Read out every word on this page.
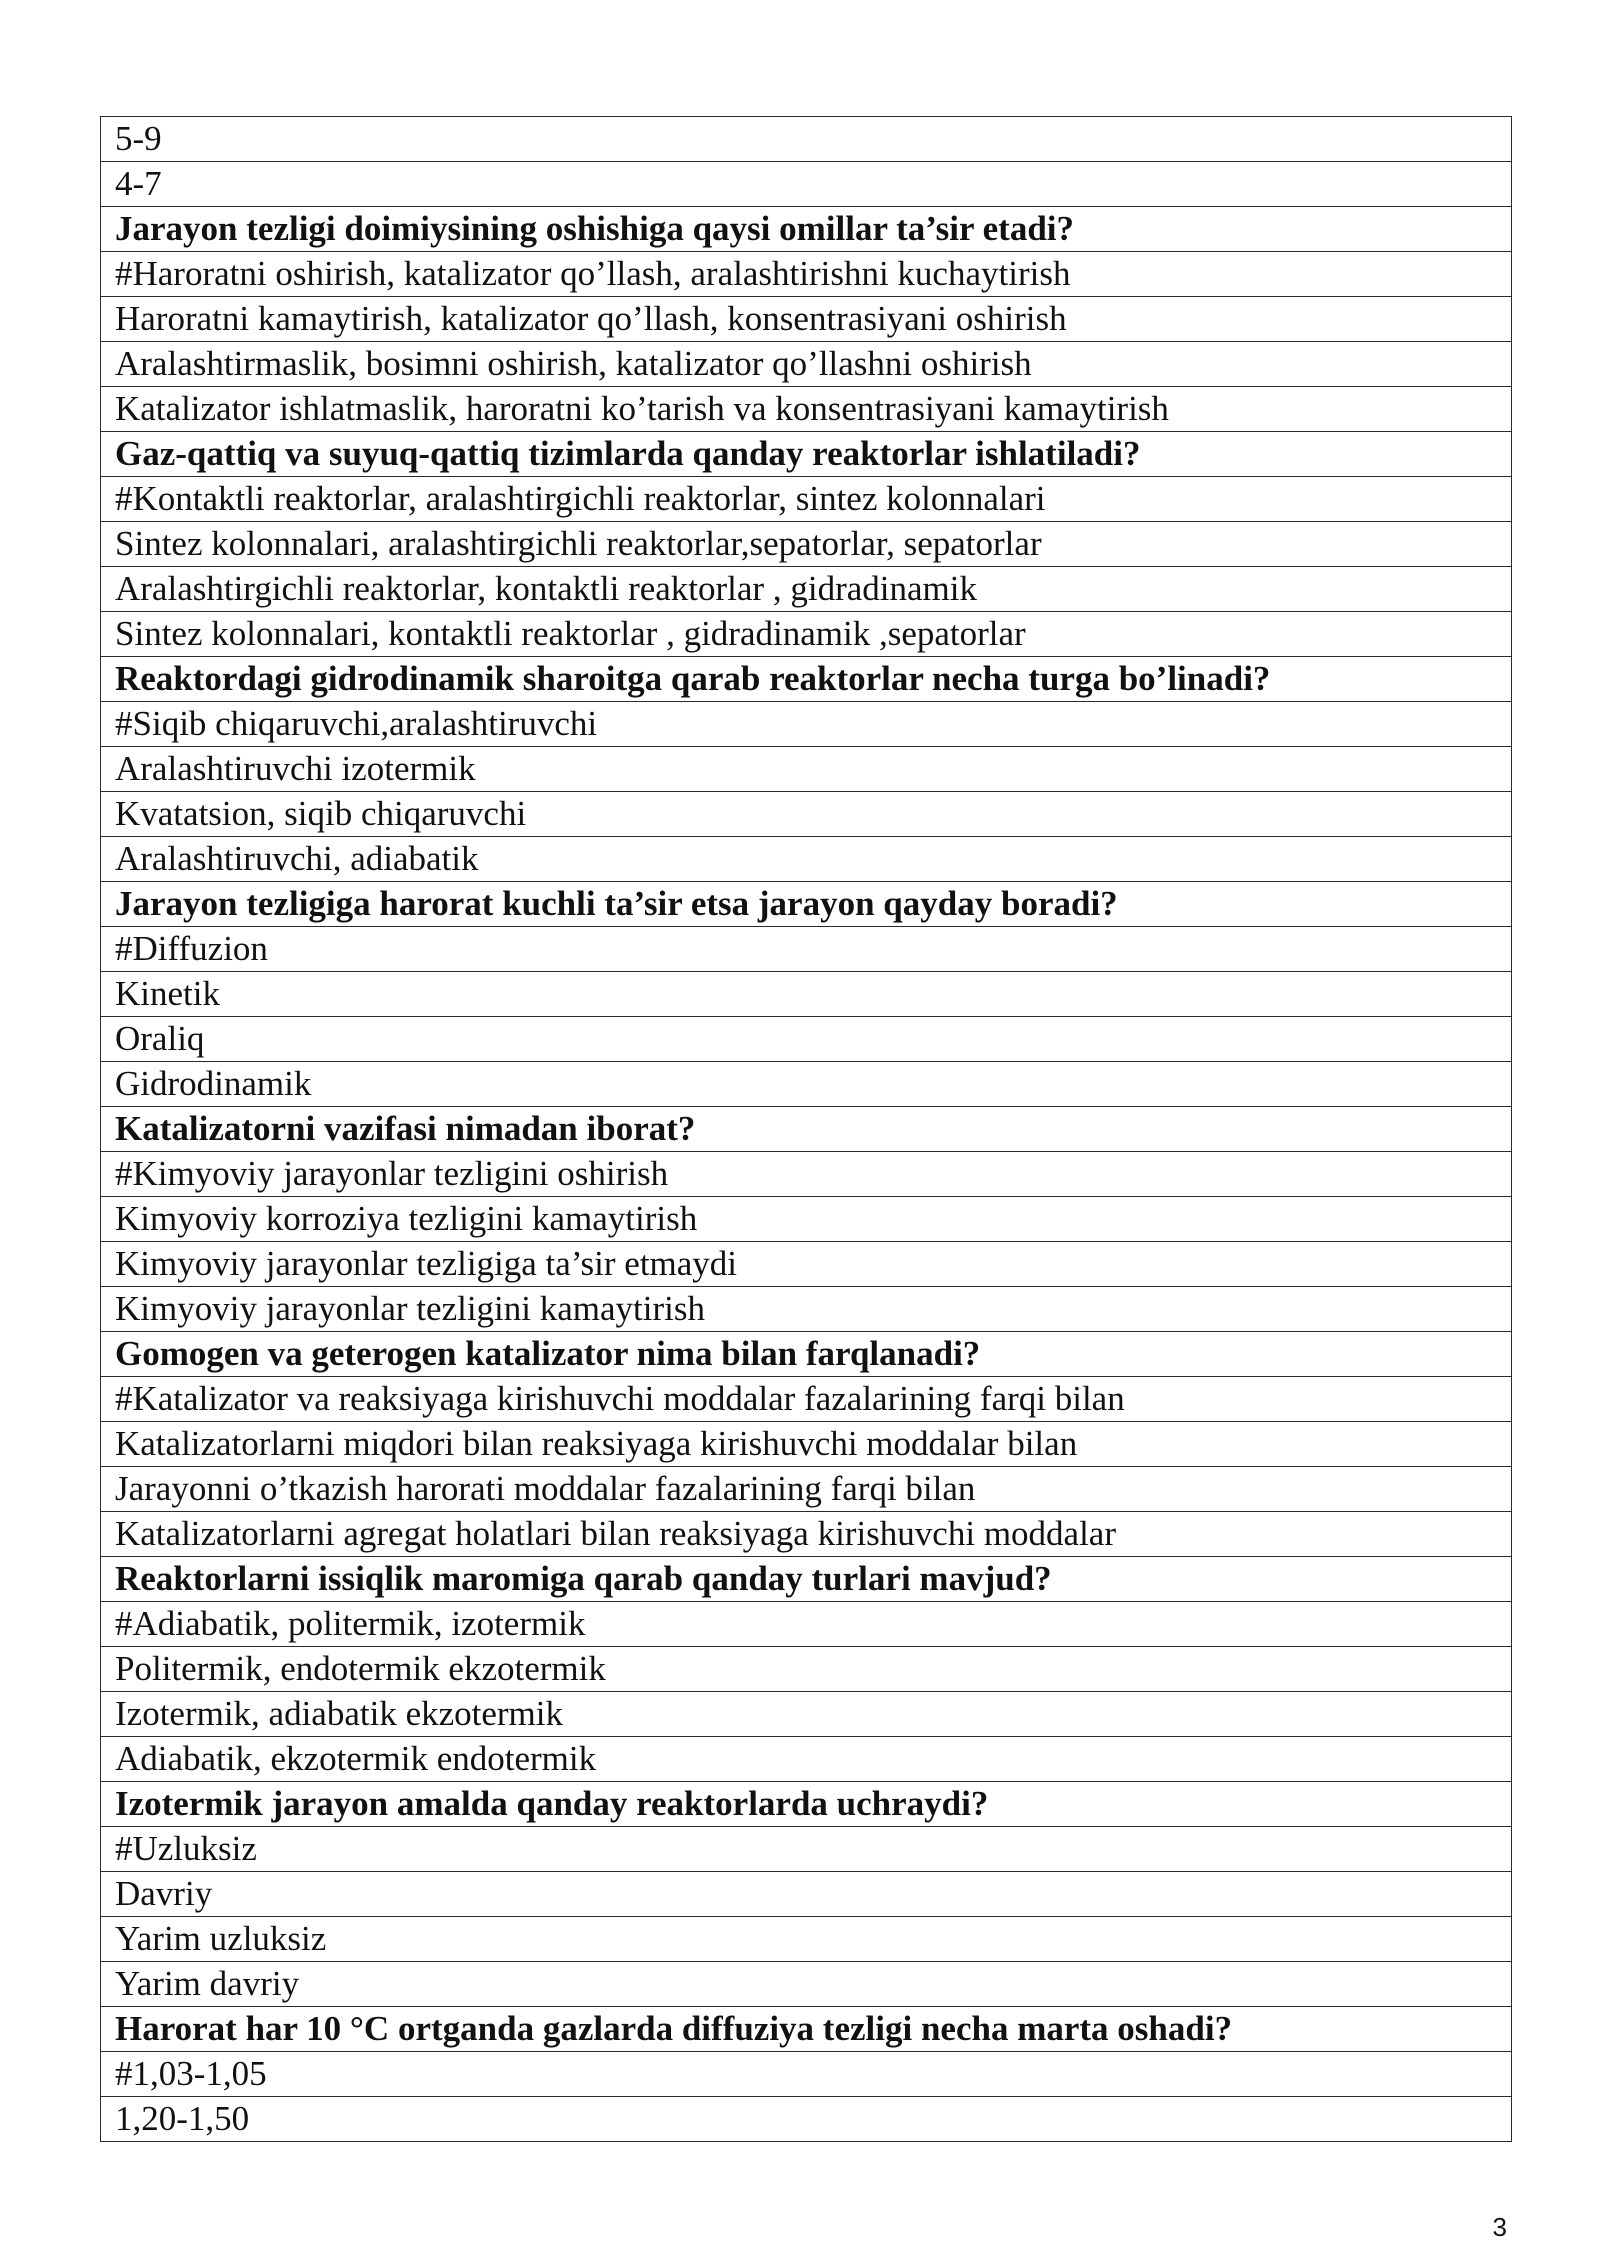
5-9
4-7
Jarayon tezligi doimiysining oshishiga qaysi omillar ta’sir etadi?
#Haroratni oshirish, katalizator qo’llash, aralashtirishni kuchaytirish
Haroratni kamaytirish, katalizator qo’llash, konsentrasiyani oshirish
Aralashtirmaslik, bosimni oshirish, katalizator qo’llashni oshirish
Katalizator ishlatmaslik, haroratni ko’tarish va konsentrasiyani kamaytirish
Gaz-qattiq va suyuq-qattiq tizimlarda qanday reaktorlar ishlatiladi?
#Kontaktli reaktorlar, aralashtirgichli reaktorlar, sintez kolonnalari
Sintez kolonnalari, aralashtirgichli reaktorlar,sepatorlar, sepatorlar
Aralashtirgichli reaktorlar, kontaktli reaktorlar , gidradinamik
Sintez kolonnalari, kontaktli reaktorlar , gidradinamik ,sepatorlar
Reaktordagi gidrodinamik sharoitga qarab reaktorlar necha turga bo’linadi?
#Siqib chiqaruvchi,aralashtiruvchi
Aralashtiruvchi izotermik
Kvatatsion, siqib chiqaruvchi
Aralashtiruvchi, adiabatik
Jarayon tezligiga harorat kuchli ta’sir etsa jarayon qayday boradi?
#Diffuzion
Kinetik
Oraliq
Gidrodinamik
Katalizatorni vazifasi nimadan iborat?
#Kimyoviy jarayonlar tezligini oshirish
Kimyoviy korroziya tezligini kamaytirish
Kimyoviy jarayonlar tezligiga ta’sir etmaydi
Kimyoviy jarayonlar tezligini kamaytirish
Gomogen va geterogen katalizator nima bilan farqlanadi?
#Katalizator va reaksiyaga kirishuvchi moddalar fazalarining farqi bilan
Katalizatorlarni miqdori bilan reaksiyaga kirishuvchi moddalar bilan
Jarayonni o’tkazish harorati moddalar fazalarining farqi bilan
Katalizatorlarni agregat holatlari bilan reaksiyaga kirishuvchi moddalar
Reaktorlarni issiqlik maromiga qarab qanday turlari mavjud?
#Adiabatik, politermik, izotermik
Politermik, endotermik ekzotermik
Izotermik, adiabatik ekzotermik
Adiabatik, ekzotermik endotermik
Izotermik jarayon amalda qanday reaktorlarda uchraydi?
#Uzluksiz
Davriy
Yarim uzluksiz
Yarim davriy
Harorat har 10 °C ortganda gazlarda diffuziya tezligi necha marta oshadi?
#1,03-1,05
1,20-1,50
3
